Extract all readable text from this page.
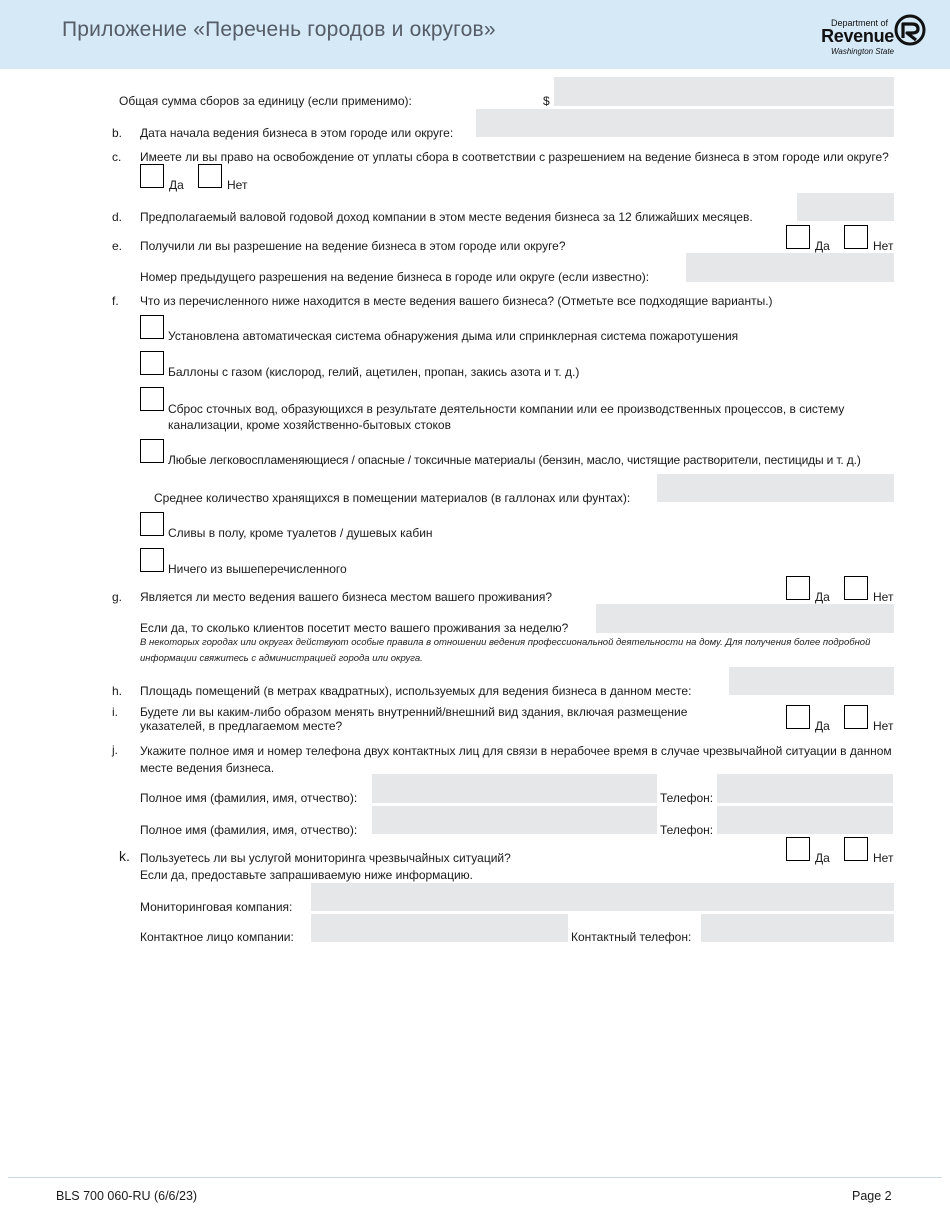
Приложение «Перечень городов и округов»	Department of
Revenue
Washington State
Общая сумма сборов за единицу (если применимо):	$
b. Дата начала ведения бизнеса в этом городе или округе:
c. Имеете ли вы право на освобождение от уплаты сбора в соответствии с разрешением на ведение бизнеса в этом городе или округе?
Да	Нет
d. Предполагаемый валовой годовой доход компании в этом месте ведения бизнеса за 12 ближайших месяцев.
e. Получили ли вы разрешение на ведение бизнеса в этом городе или округе?	Да	Нет
Номер предыдущего разрешения на ведение бизнеса в городе или округе (если известно):
f. Что из перечисленного ниже находится в месте ведения вашего бизнеса? (Отметьте все подходящие варианты.)
Установлена автоматическая система обнаружения дыма или спринклерная система пожаротушения
Баллоны с газом (кислород, гелий, ацетилен, пропан, закись азота и т. д.)
Сброс сточных вод, образующихся в результате деятельности компании или ее производственных процессов, в систему канализации, кроме хозяйственно-бытовых стоков
Любые легковоспламеняющиеся / опасные / токсичные материалы (бензин, масло, чистящие растворители, пестициды и т. д.)
Среднее количество хранящихся в помещении материалов (в галлонах или фунтах):
Сливы в полу, кроме туалетов / душевых кабин
Ничего из вышеперечисленного
g. Является ли место ведения вашего бизнеса местом вашего проживания?	Да	Нет
Если да, то сколько клиентов посетит место вашего проживания за неделю?
В некоторых городах или округах действуют особые правила в отношении ведения профессиональной деятельности на дому. Для получения более подробной информации свяжитесь с администрацией города или округа.
h. Площадь помещений (в метрах квадратных), используемых для ведения бизнеса в данном месте:
i. Будете ли вы каким-либо образом менять внутренний/внешний вид здания, включая размещение указателей, в предлагаемом месте?	Да	Нет
j. Укажите полное имя и номер телефона двух контактных лиц для связи в нерабочее время в случае чрезвычайной ситуации в данном месте ведения бизнеса.
Полное имя (фамилия, имя, отчество):	Телефон:
Полное имя (фамилия, имя, отчество):	Телефон:
k. Пользуетесь ли вы услугой мониторинга чрезвычайных ситуаций?	Да	Нет
Если да, предоставьте запрашиваемую ниже информацию.
Мониторинговая компания:
Контактное лицо компании:	Контактный телефон:
BLS 700 060-RU (6/6/23)	Page 2
